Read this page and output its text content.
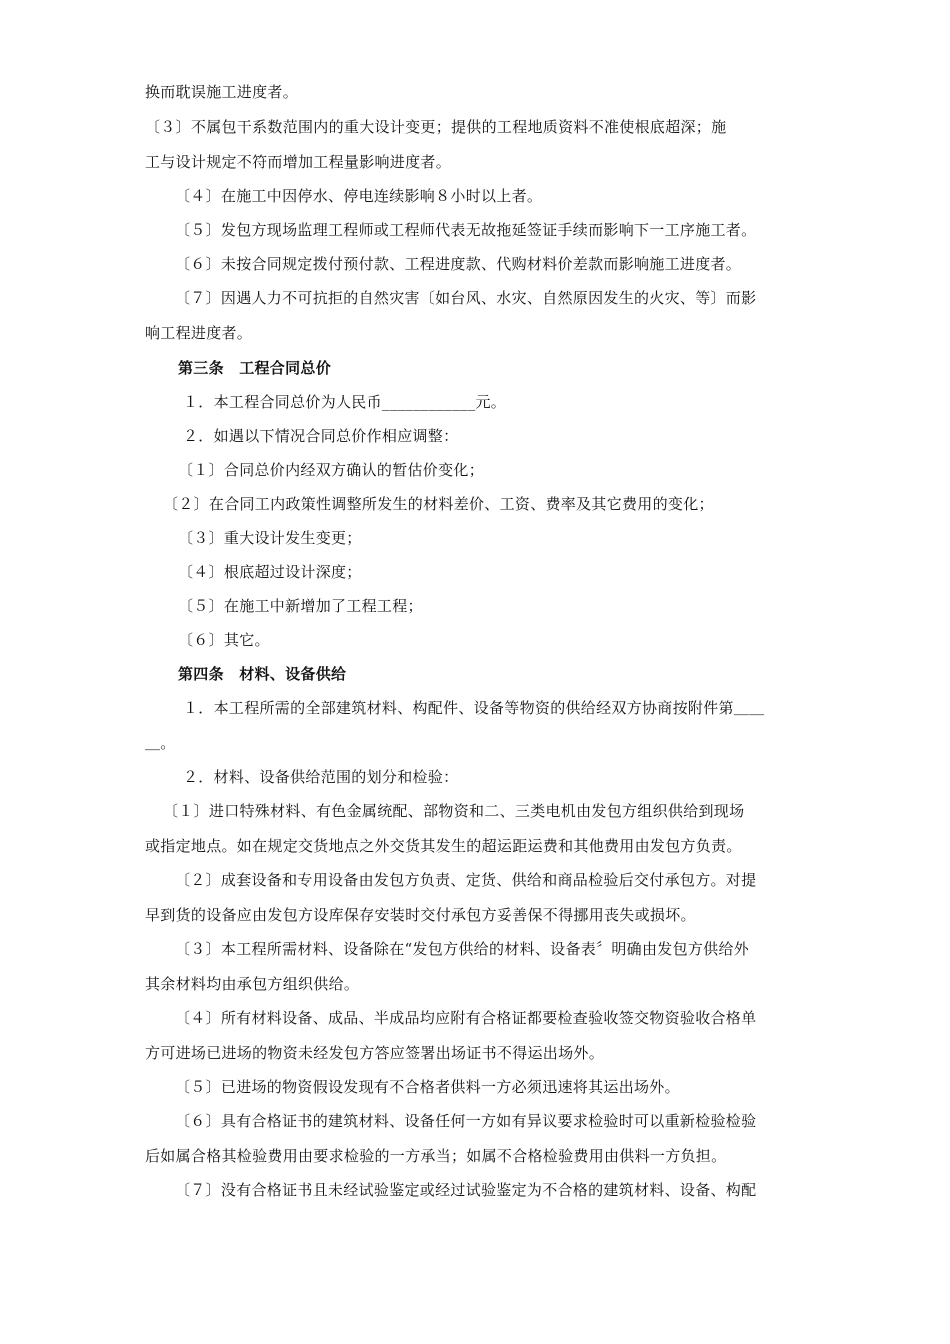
换而耽误施工进度者。
〔３〕不属包干系数范围内的重大设计变更；提供的工程地质资料不准使根底超深；施
工与设计规定不符而增加工程量影响进度者。
〔４〕在施工中因停水、停电连续影响８小时以上者。
〔５〕发包方现场监理工程师或工程师代表无故拖延签证手续而影响下一工序施工者。
〔６〕未按合同规定拨付预付款、工程进度款、代购材料价差款而影响施工进度者。
〔７〕因遇人力不可抗拒的自然灾害〔如台风、水灾、自然原因发生的火灾、等〕而影
响工程进度者。
第三条　工程合同总价
１．本工程合同总价为人民币____________元。
２．如遇以下情况合同总价作相应调整：
〔１〕合同总价内经双方确认的暂估价变化；
〔２〕在合同工内政策性调整所发生的材料差价、工资、费率及其它费用的变化；
〔３〕重大设计发生变更；
〔４〕根底超过设计深度；
〔５〕在施工中新增加了工程工程；
〔６〕其它。
第四条　材料、设备供给
１．本工程所需的全部建筑材料、构配件、设备等物资的供给经双方协商按附件第＿＿
＿。
２．材料、设备供给范围的划分和检验：
〔１〕进口特殊材料、有色金属统配、部物资和二、三类电机由发包方组织供给到现场
或指定地点。如在规定交货地点之外交货其发生的超运距运费和其他费用由发包方负责。
〔２〕成套设备和专用设备由发包方负责、定货、供给和商品检验后交付承包方。对提
早到货的设备应由发包方设库保存安装时交付承包方妥善保不得挪用丧失或损坏。
〔３〕本工程所需材料、设备除在“发包方供给的材料、设备表〞明确由发包方供给外
其余材料均由承包方组织供给。
〔４〕所有材料设备、成品、半成品均应附有合格证都要检查验收签交物资验收合格单
方可进场已进场的物资未经发包方答应签署出场证书不得运出场外。
〔５〕已进场的物资假设发现有不合格者供料一方必须迅速将其运出场外。
〔６〕具有合格证书的建筑材料、设备任何一方如有异议要求检验时可以重新检验检验
后如属合格其检验费用由要求检验的一方承当；如属不合格检验费用由供料一方负担。
〔７〕没有合格证书且未经试验鉴定或经过试验鉴定为不合格的建筑材料、设备、构配
